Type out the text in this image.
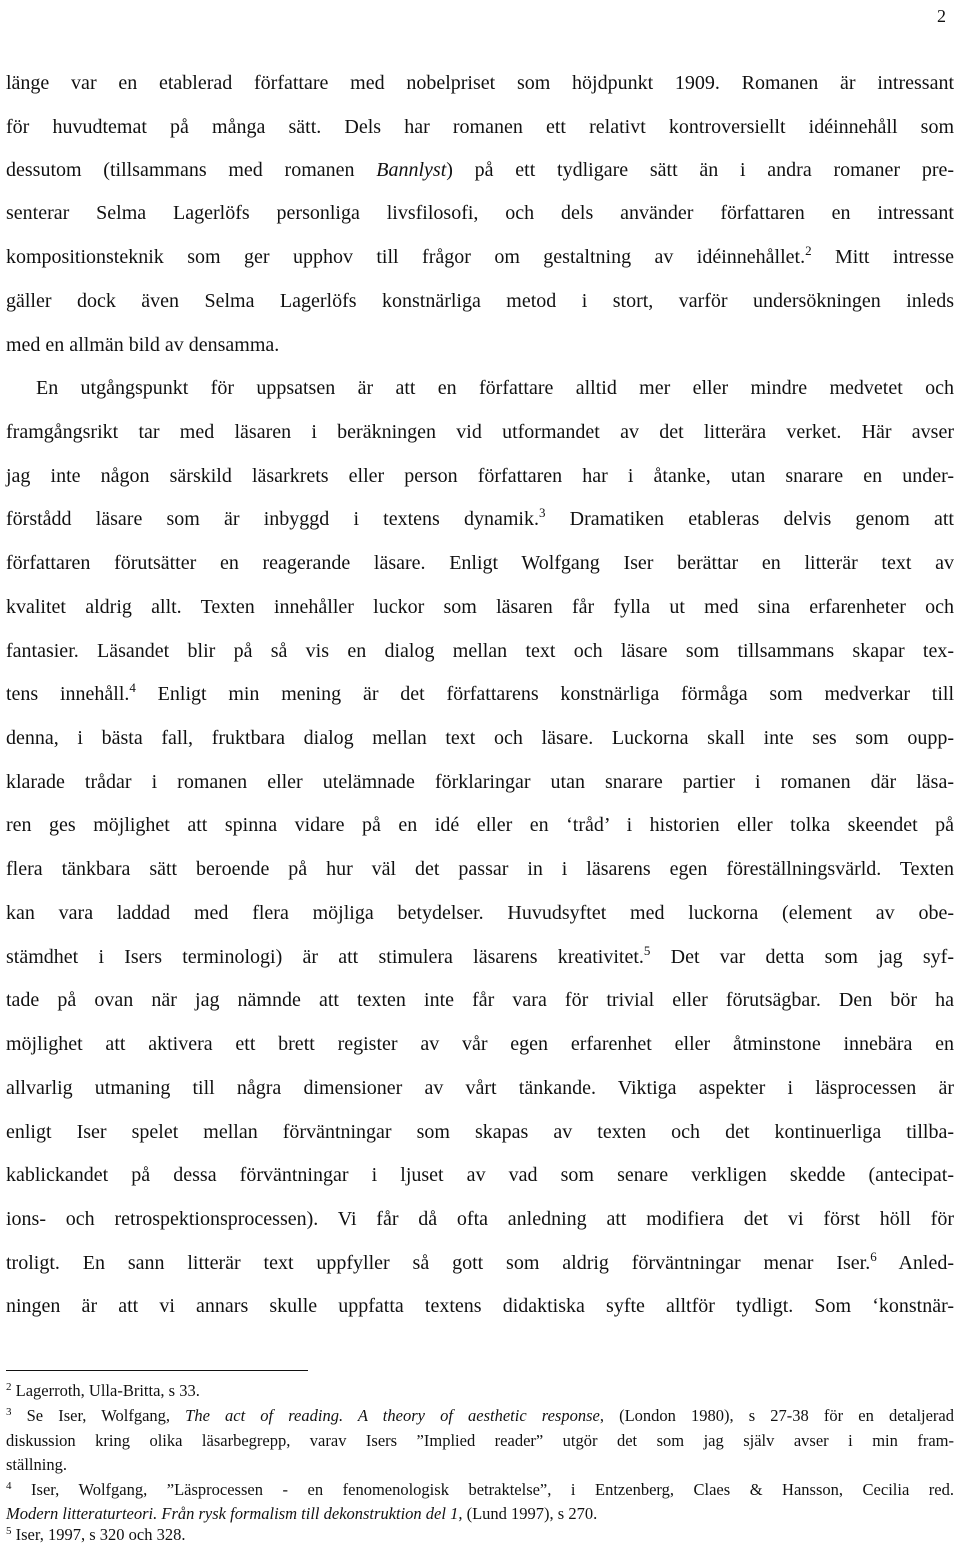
2
länge var en etablerad författare med nobelpriset som höjdpunkt 1909. Romanen är intressant
för huvudtemat på många sätt. Dels har romanen ett relativt kontroversiellt idéinnehåll som
dessutom (tillsammans med romanen Bannlyst) på ett tydligare sätt än i andra romaner pre-
senterar Selma Lagerlöfs personliga livsfilosofi, och dels använder författaren en intressant
kompositionsteknik som ger upphov till frågor om gestaltning av idéinnehållet.$^2$ Mitt intresse
gäller dock även Selma Lagerlöfs konstnärliga metod i stort, varför undersökningen inleds
med en allmän bild av densamma.
En utgångspunkt för uppsatsen är att en författare alltid mer eller mindre medvetet och
framgångsrikt tar med läsaren i beräkningen vid utformandet av det litterära verket. Här avser
jag inte någon särskild läsarkrets eller person författaren har i åtanke, utan snarare en under-
förstådd läsare som är inbyggd i textens dynamik.$^3$ Dramatiken etableras delvis genom att
författaren förutsätter en reagerande läsare. Enligt Wolfgang Iser berättar en litterär text av
kvalitet aldrig allt. Texten innehåller luckor som läsaren får fylla ut med sina erfarenheter och
fantasier. Läsandet blir på så vis en dialog mellan text och läsare som tillsammans skapar tex-
tens innehåll.$^4$ Enligt min mening är det författarens konstnärliga förmåga som medverkar till
denna, i bästa fall, fruktbara dialog mellan text och läsare. Luckorna skall inte ses som oupp-
klarade trådar i romanen eller utelämnade förklaringar utan snarare partier i romanen där läsa-
ren ges möjlighet att spinna vidare på en idé eller en ‘tråd’ i historien eller tolka skeendet på
flera tänkbara sätt beroende på hur väl det passar in i läsarens egen föreställningsvärld. Texten
kan vara laddad med flera möjliga betydelser. Huvudsyftet med luckorna (element av obe-
stämdhet i Isers terminologi) är att stimulera läsarens kreativitet.$^5$ Det var detta som jag syf-
tade på ovan när jag nämnde att texten inte får vara för trivial eller förutsägbar. Den bör ha
möjlighet att aktivera ett brett register av vår egen erfarenhet eller åtminstone innebära en
allvarlig utmaning till några dimensioner av vårt tänkande. Viktiga aspekter i läsprocessen är
enligt Iser spelet mellan förväntningar som skapas av texten och det kontinuerliga tillba-
kablickandet på dessa förväntningar i ljuset av vad som senare verkligen skedde (antecipat-
ions- och retrospektionsprocessen). Vi får då ofta anledning att modifiera det vi först höll för
troligt. En sann litterär text uppfyller så gott som aldrig förväntningar menar Iser.$^6$ Anled-
ningen är att vi annars skulle uppfatta textens didaktiska syfte alltför tydligt. Som ‘konstnär-
$^2$ Lagerroth, Ulla-Britta, s 33.
$^3$ Se Iser, Wolfgang, The act of reading. A theory of aesthetic response, (London 1980), s 27-38 för en detaljerad
diskussion kring olika läsarbegrepp, varav Isers ”Implied reader” utgör det som jag själv avser i min fram-
ställning.
$^4$ Iser, Wolfgang, ”Läsprocessen - en fenomenologisk betraktelse”, i Entzenberg, Claes & Hansson, Cecilia red.
Modern litteraturteori. Från rysk formalism till dekonstruktion del 1, (Lund 1997), s 270.
$^5$ Iser, 1997, s 320 och 328.
